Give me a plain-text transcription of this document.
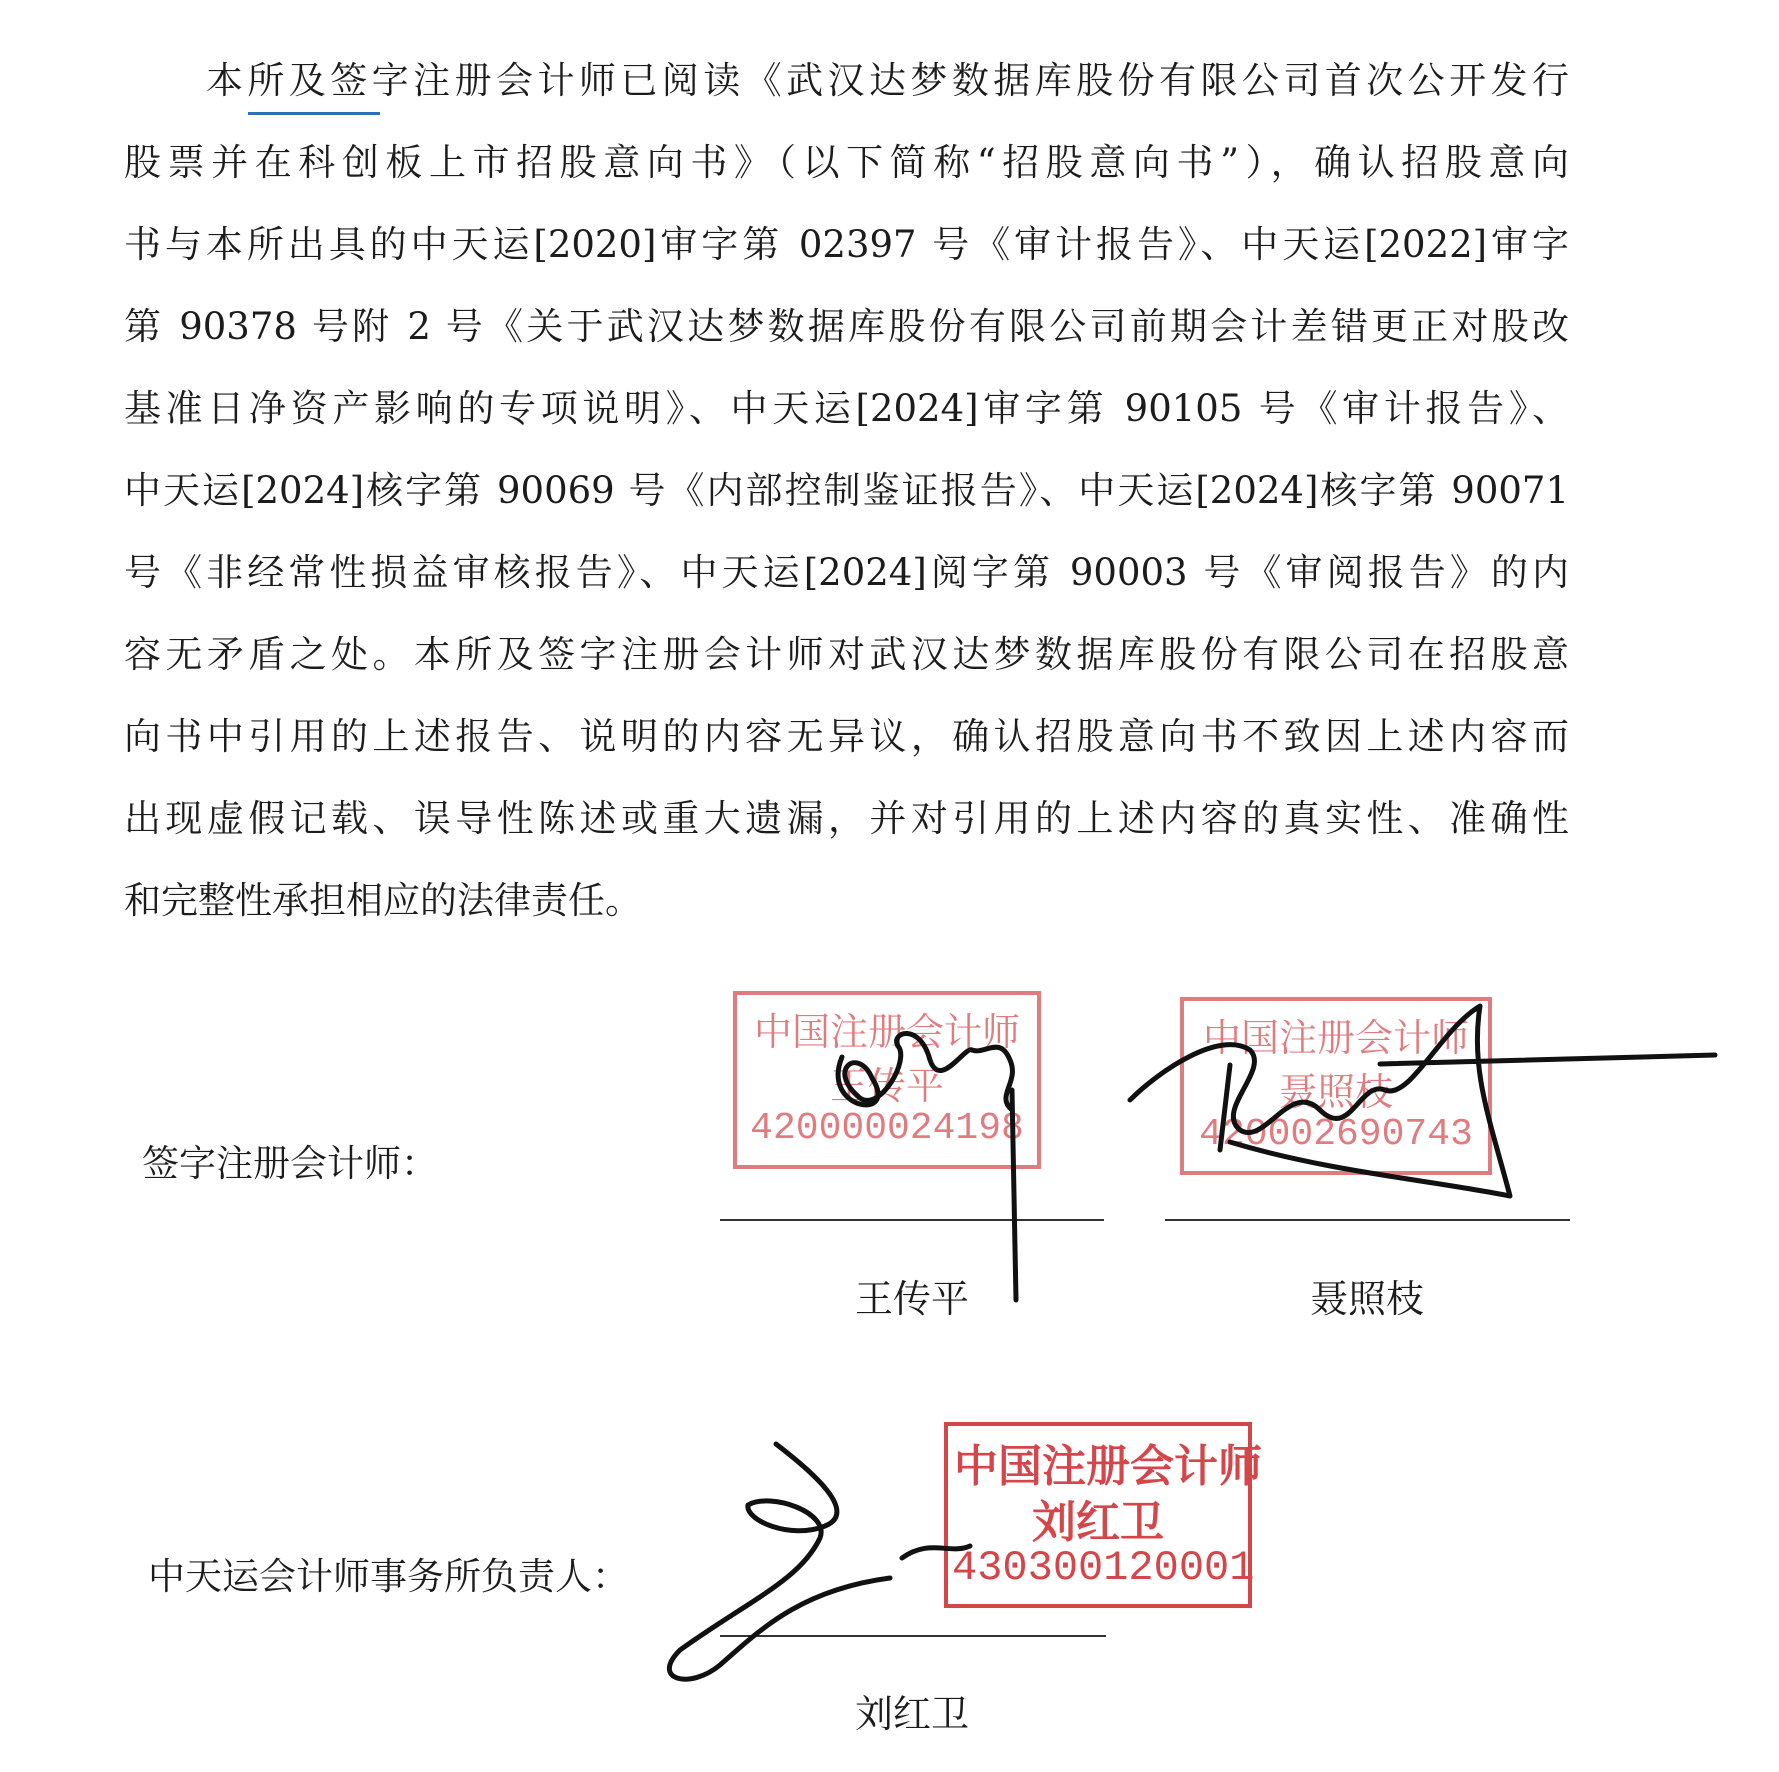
本所及签字注册会计师已阅读《武汉达梦数据库股份有限公司首次公开发行
股票并在科创板上市招股意向书》（以下简称“招股意向书”），确认招股意向
书与本所出具的中天运[2020]审字第 02397 号《审计报告》、中天运[2022]审字
第 90378 号附 2 号《关于武汉达梦数据库股份有限公司前期会计差错更正对股改
基准日净资产影响的专项说明》、中天运[2024]审字第 90105 号《审计报告》、
中天运[2024]核字第 90069 号《内部控制鉴证报告》、中天运[2024]核字第 90071
号《非经常性损益审核报告》、中天运[2024]阅字第 90003 号《审阅报告》的内
容无矛盾之处。本所及签字注册会计师对武汉达梦数据库股份有限公司在招股意
向书中引用的上述报告、说明的内容无异议，确认招股意向书不致因上述内容而
出现虚假记载、误导性陈述或重大遗漏，并对引用的上述内容的真实性、准确性
和完整性承担相应的法律责任。
签字注册会计师：
中国注册会计师
王传平
420000024198
中国注册会计师
聂照枝
420002690743
王传平	聂照枝
中天运会计师事务所负责人：
中国注册会计师
刘红卫
430300120001
刘红卫
